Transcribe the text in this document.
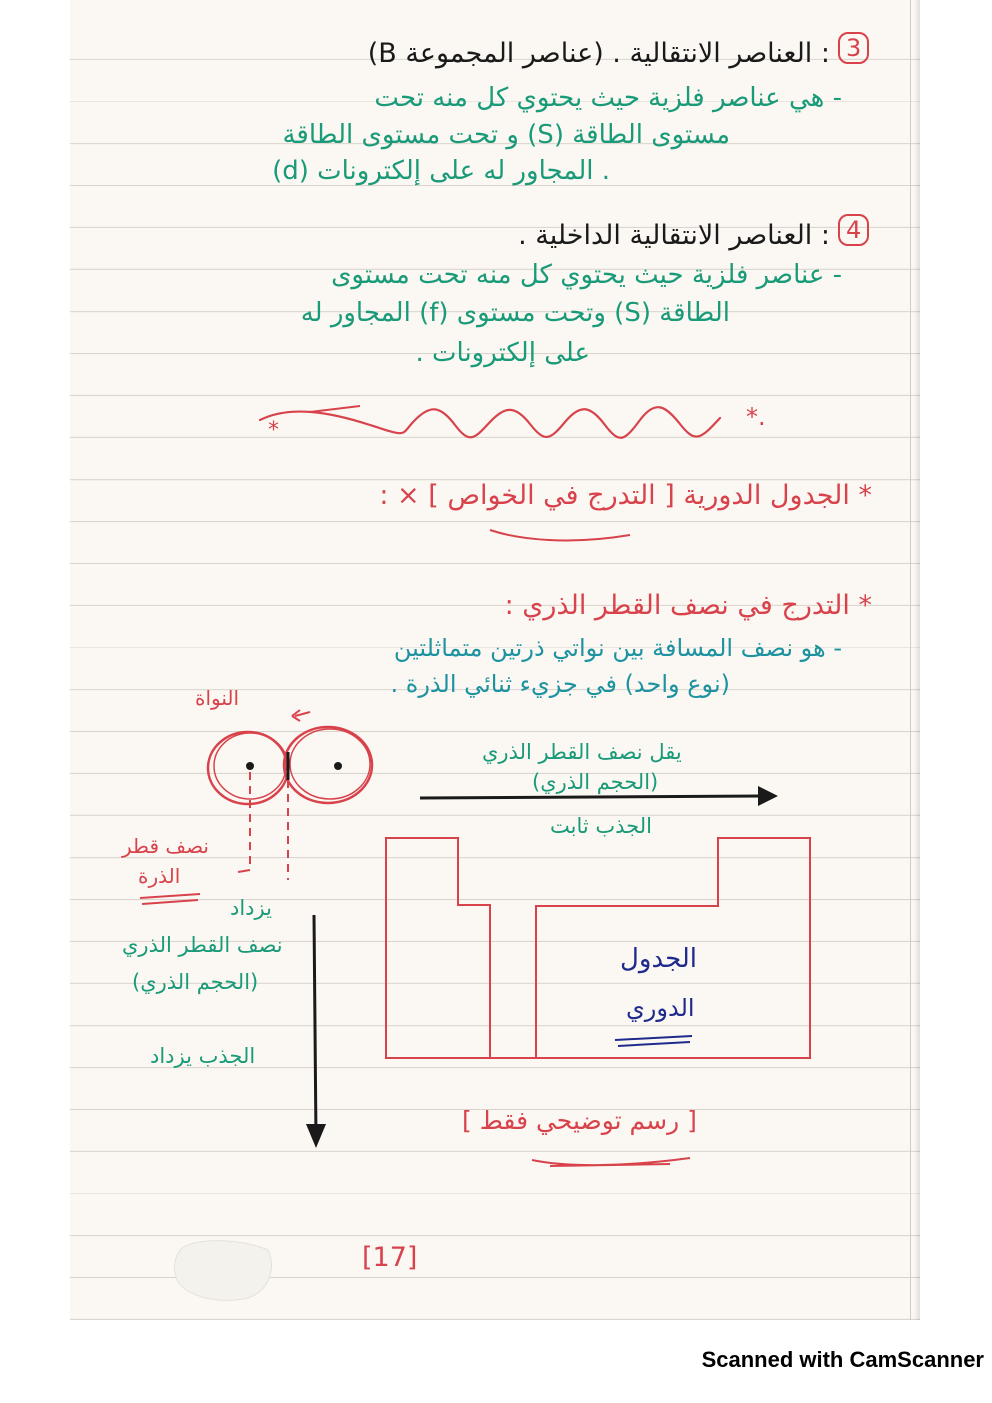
3
: العناصر الانتقالية . (عناصر المجموعة B)
- هي عناصر فلزية حيث يحتوي كل منه تحت
مستوى الطاقة (S) و تحت مستوى الطاقة
(d) المجاور له على إلكترونات .
4
: العناصر الانتقالية الداخلية .
- عناصر فلزية حيث يحتوي كل منه تحت مستوى
الطاقة (S) وتحت مستوى (f) المجاور له
على إلكترونات .
*.
*
* الجدول الدورية [ التدرج في الخواص ] × :
* التدرج في نصف القطر الذري :
- هو نصف المسافة بين نواتي ذرتين متماثلتين
(نوع واحد) في جزيء ثنائي الذرة .
النواة
نصف قطر
الذرة
يقل نصف القطر الذري
(الحجم الذري)
الجذب ثابت
يزداد
نصف القطر الذري
(الحجم الذري)
الجذب يزداد
الجدول
الدوري
[ رسم توضيحي فقط ]
[17]
Scanned with CamScanner
